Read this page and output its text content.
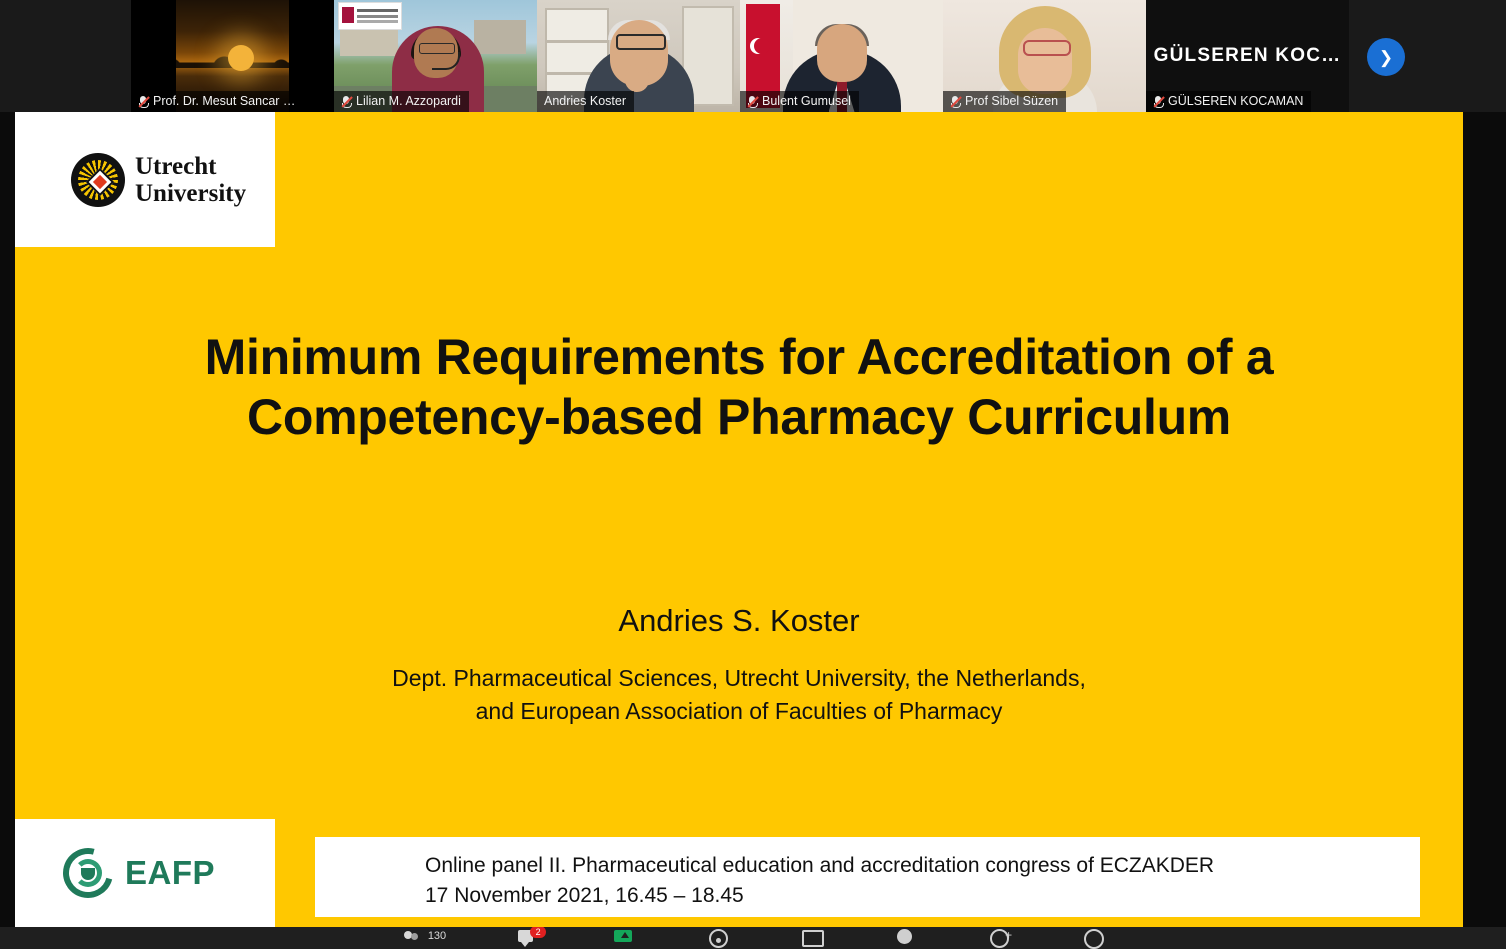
Prof. Dr. Mesut Sancar …	Lilian M. Azzopardi	Andries Koster	Bulent Gumusel	Prof Sibel Süzen
GÜLSEREN KOC…
GÜLSEREN KOCAMAN
❯
Utrecht
University
Minimum Requirements for Accreditation of a Competency-based Pharmacy Curriculum
Andries S. Koster
Dept. Pharmaceutical Sciences, Utrecht University, the Netherlands,
and European Association of Faculties of Pharmacy
EAFP	Online panel II. Pharmaceutical education and accreditation congress of ECZAKDER
17 November 2021, 16.45 – 18.45
130	2
+
